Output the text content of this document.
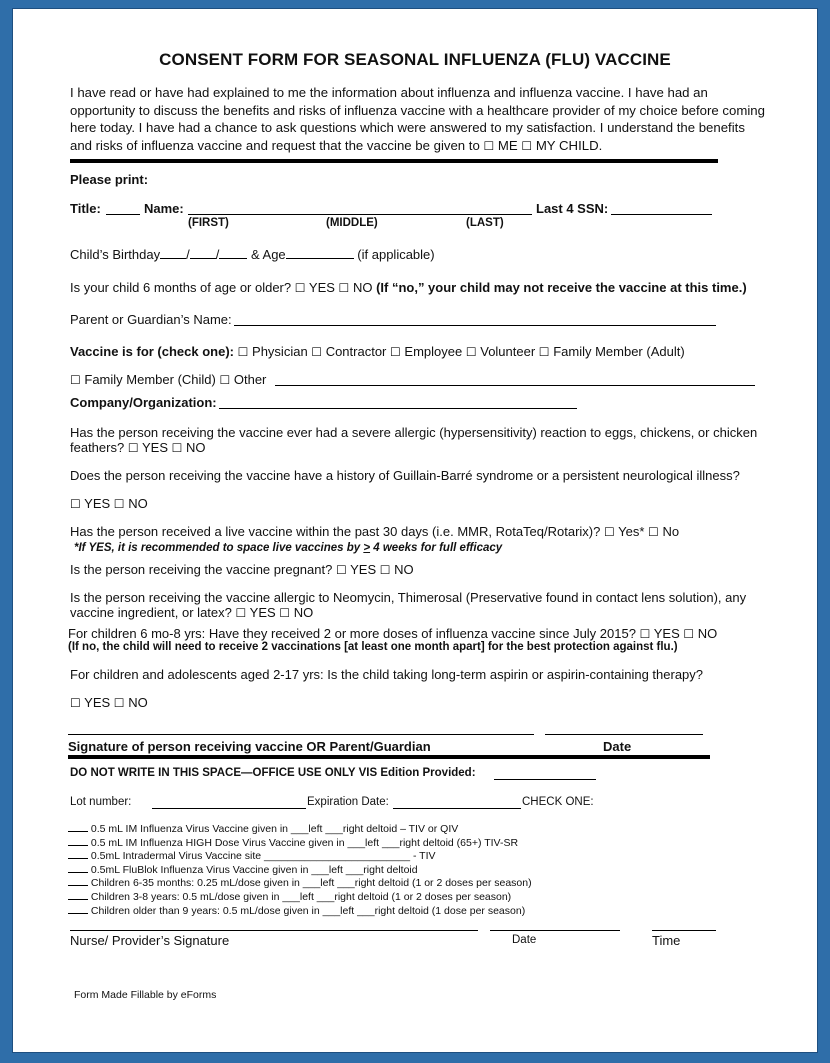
CONSENT FORM FOR SEASONAL INFLUENZA (FLU) VACCINE
I have read or have had explained to me the information about influenza and influenza vaccine. I have had an opportunity to discuss the benefits and risks of influenza vaccine with a healthcare provider of my choice before coming here today. I have had a chance to ask questions which were answered to my satisfaction. I understand the benefits and risks of influenza vaccine and request that the vaccine be given to ☐ ME ☐ MY CHILD.
Please print:
Title:	Name:	Last 4 SSN:
(FIRST)	(MIDDLE)	(LAST)
Child’s Birthday / / & Age	(if applicable)
Is your child 6 months of age or older? ☐ YES ☐ NO (If “no,” your child may not receive the vaccine at this time.)
Parent or Guardian’s Name:
Vaccine is for (check one): ☐ Physician ☐ Contractor ☐ Employee ☐ Volunteer ☐ Family Member (Adult)
☐ Family Member (Child) ☐ Other
Company/Organization:
Has the person receiving the vaccine ever had a severe allergic (hypersensitivity) reaction to eggs, chickens, or chicken feathers? ☐ YES ☐ NO
Does the person receiving the vaccine have a history of Guillain-Barré syndrome or a persistent neurological illness?
☐ YES ☐ NO
Has the person received a live vaccine within the past 30 days (i.e. MMR, RotaTeq/Rotarix)? ☐ Yes* ☐ No
*If YES, it is recommended to space live vaccines by > 4 weeks for full efficacy
Is the person receiving the vaccine pregnant? ☐ YES ☐ NO
Is the person receiving the vaccine allergic to Neomycin, Thimerosal (Preservative found in contact lens solution), any
vaccine ingredient, or latex? ☐ YES ☐ NO
For children 6 mo-8 yrs: Have they received 2 or more doses of influenza vaccine since July 2015? ☐ YES ☐ NO
(If no, the child will need to receive 2 vaccinations [at least one month apart] for the best protection against flu.)
For children and adolescents aged 2-17 yrs: Is the child taking long-term aspirin or aspirin-containing therapy?
☐ YES ☐ NO
Signature of person receiving vaccine OR Parent/Guardian	Date
DO NOT WRITE IN THIS SPACE—OFFICE USE ONLY VIS Edition Provided:
Lot number:	Expiration Date:	CHECK ONE:
0.5 mL IM Influenza Virus Vaccine given in ___left ___right deltoid – TIV or QIV
0.5 mL IM Influenza HIGH Dose Virus Vaccine given in ___left ___right deltoid (65+) TIV-SR
0.5mL Intradermal Virus Vaccine site _________________________ - TIV
0.5mL FluBlok Influenza Virus Vaccine given in ___left ___right deltoid
Children 6-35 months: 0.25 mL/dose given in ___left ___right deltoid (1 or 2 doses per season)
Children 3-8 years: 0.5 mL/dose given in ___left ___right deltoid (1 or 2 doses per season)
Children older than 9 years: 0.5 mL/dose given in ___left ___right deltoid (1 dose per season)
Nurse/ Provider’s Signature	Date	Time
Form Made Fillable by eForms
